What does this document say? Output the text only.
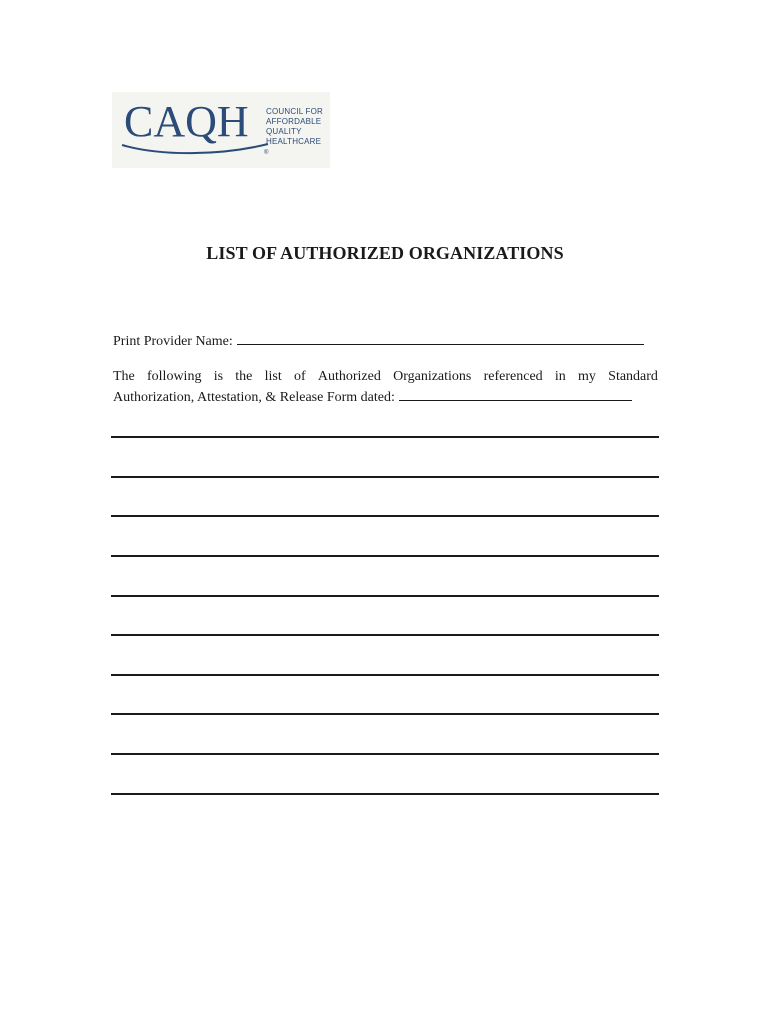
CAQH COUNCIL FOR
AFFORDABLE
QUALITY
HEALTHCARE
®
LIST OF AUTHORIZED ORGANIZATIONS
Print Provider Name:
The following is the list of Authorized Organizations referenced in my Standard
Authorization, Attestation, & Release Form dated:
